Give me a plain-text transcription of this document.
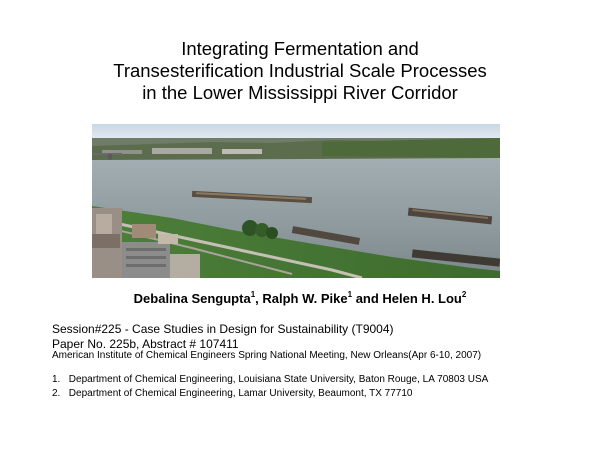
Integrating Fermentation and
Transesterification Industrial Scale Processes
in the Lower Mississippi River Corridor
Debalina Sengupta$^1$, Ralph W. Pike$^1$ and Helen H. Lou$^2$
Session#225 - Case Studies in Design for Sustainability (T9004)
Paper No. 225b, Abstract # 107411
American Institute of Chemical Engineers Spring National Meeting, New Orleans(Apr 6-10, 2007)
1. Department of Chemical Engineering, Louisiana State University, Baton Rouge, LA 70803 USA
2. Department of Chemical Engineering, Lamar University, Beaumont, TX 77710
